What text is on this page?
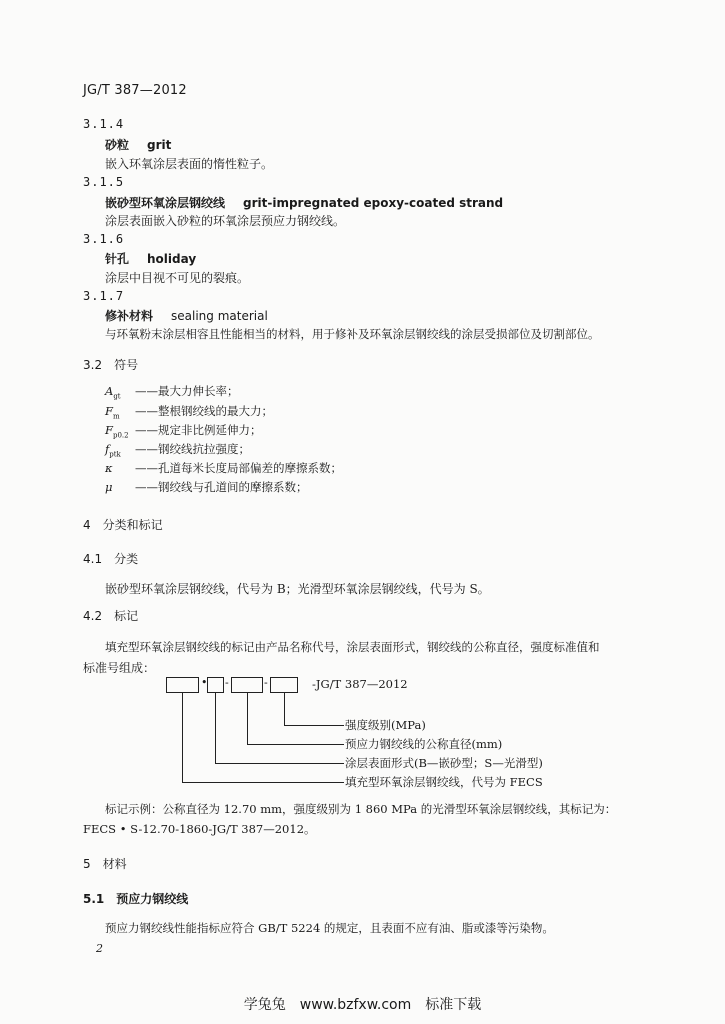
JG/T 387—2012
3.1.4
砂粒 grit
嵌入环氧涂层表面的惰性粒子。
3.1.5
嵌砂型环氧涂层钢绞线 grit-impregnated epoxy-coated strand
涂层表面嵌入砂粒的环氧涂层预应力钢绞线。
3.1.6
针孔 holiday
涂层中目视不可见的裂痕。
3.1.7
修补材料 sealing material
与环氧粉末涂层相容且性能相当的材料，用于修补及环氧涂层钢绞线的涂层受损部位及切割部位。
3.2　符号
$A_{gt}$ ——最大力伸长率；
$F_m$ ——整根钢绞线的最大力；
$F_{p0.2}$ ——规定非比例延伸力；
$f_{ptk}$ ——钢绞线抗拉强度；
κ ——孔道每米长度局部偏差的摩擦系数；
μ ——钢绞线与孔道间的摩擦系数；
4　分类和标记
4.1　分类
嵌砂型环氧涂层钢绞线，代号为 B；光滑型环氧涂层钢绞线，代号为 S。
4.2　标记
填充型环氧涂层钢绞线的标记由产品名称代号，涂层表面形式，钢绞线的公称直径，强度标准值和
标准号组成：
• -	-	-JG/T 387—2012
强度级别(MPa)
预应力钢绞线的公称直径(mm)
涂层表面形式(B—嵌砂型；S—光滑型)
填充型环氧涂层钢绞线，代号为 FECS
标记示例：公称直径为 12.70 mm，强度级别为 1 860 MPa 的光滑型环氧涂层钢绞线，其标记为：
FECS • S-12.70-1860-JG/T 387—2012。
5　材料
5.1　预应力钢绞线
预应力钢绞线性能指标应符合 GB/T 5224 的规定，且表面不应有油、脂或漆等污染物。
2
学兔兔　www.bzfxw.com　标准下载
